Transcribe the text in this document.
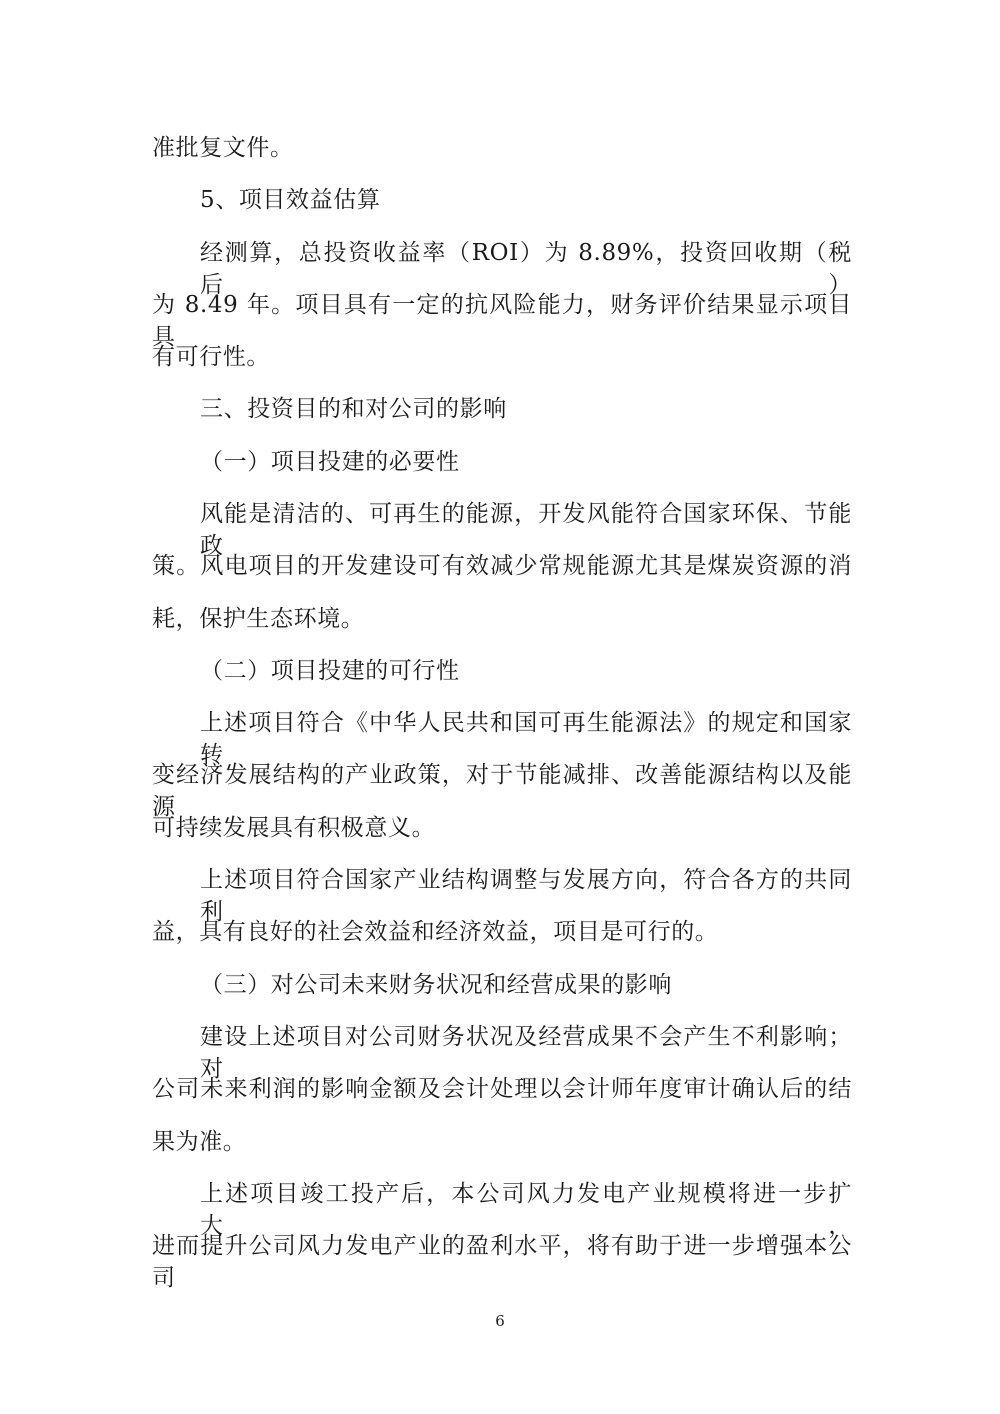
准批复文件。
5、项目效益估算
经测算，总投资收益率（ROI）为 8.89%，投资回收期（税后）
为 8.49 年。项目具有一定的抗风险能力，财务评价结果显示项目具
有可行性。
三、投资目的和对公司的影响
（一）项目投建的必要性
风能是清洁的、可再生的能源，开发风能符合国家环保、节能政
策。风电项目的开发建设可有效减少常规能源尤其是煤炭资源的消
耗，保护生态环境。
（二）项目投建的可行性
上述项目符合《中华人民共和国可再生能源法》的规定和国家转
变经济发展结构的产业政策，对于节能减排、改善能源结构以及能源
可持续发展具有积极意义。
上述项目符合国家产业结构调整与发展方向，符合各方的共同利
益，具有良好的社会效益和经济效益，项目是可行的。
（三）对公司未来财务状况和经营成果的影响
建设上述项目对公司财务状况及经营成果不会产生不利影响；对
公司未来利润的影响金额及会计处理以会计师年度审计确认后的结
果为准。
上述项目竣工投产后，本公司风力发电产业规模将进一步扩大，
进而提升公司风力发电产业的盈利水平，将有助于进一步增强本公司
6
